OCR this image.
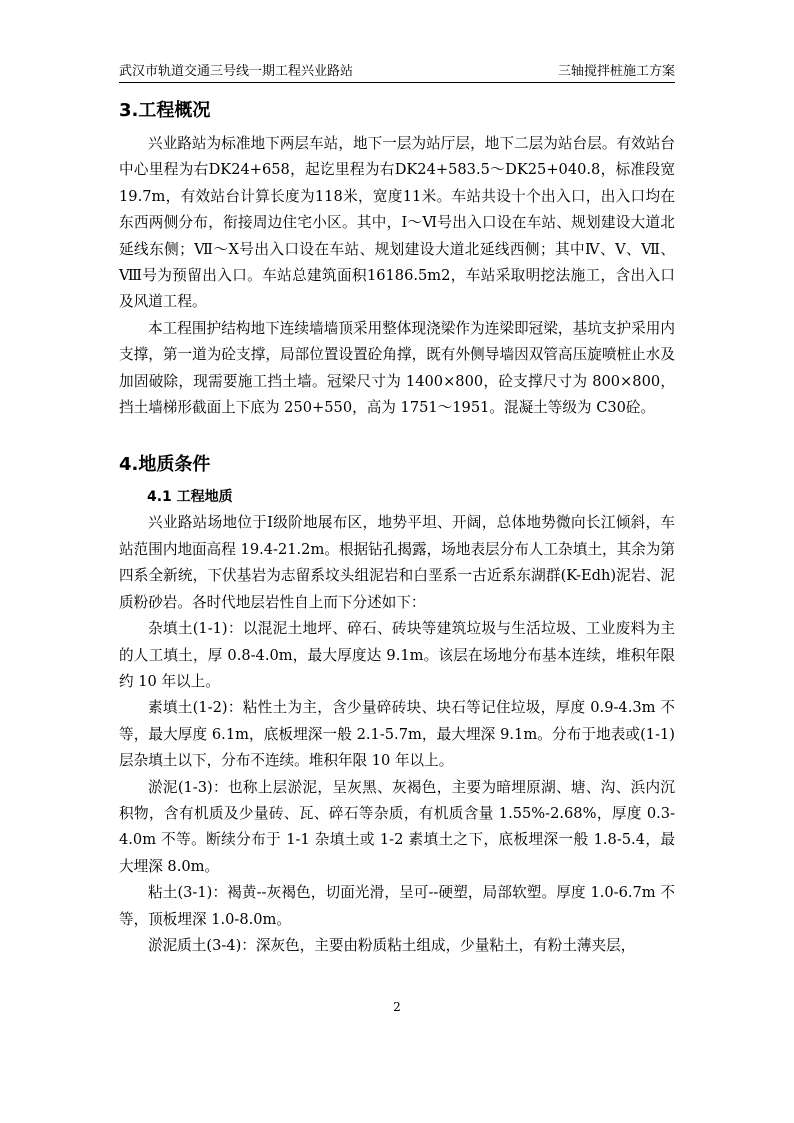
武汉市轨道交通三号线一期工程兴业路站	三轴搅拌桩施工方案
3.工程概况

兴业路站为标准地下两层车站，地下一层为站厅层，地下二层为站台层。有效站台中心里程为右DK24+658，起讫里程为右DK24+583.5～DK25+040.8，标准段宽19.7m，有效站台计算长度为118米，宽度11米。车站共设十个出入口，出入口均在东西两侧分布，衔接周边住宅小区。其中，Ⅰ～Ⅵ号出入口设在车站、规划建设大道北延线东侧；Ⅶ～Ⅹ号出入口设在车站、规划建设大道北延线西侧；其中Ⅳ、Ⅴ、Ⅶ、Ⅷ号为预留出入口。车站总建筑面积16186.5m2，车站采取明挖法施工，含出入口及风道工程。

本工程围护结构地下连续墙墙顶采用整体现浇梁作为连梁即冠梁，基坑支护采用内支撑，第一道为砼支撑，局部位置设置砼角撑，既有外侧导墙因双管高压旋喷桩止水及加固破除，现需要施工挡土墙。冠梁尺寸为 1400×800，砼支撑尺寸为 800×800，挡土墙梯形截面上下底为 250+550，高为 1751～1951。混凝土等级为 C30砼。

4.地质条件
4.1 工程地质

兴业路站场地位于Ⅰ级阶地展布区，地势平坦、开阔，总体地势微向长江倾斜，车站范围内地面高程 19.4-21.2m。根据钻孔揭露，场地表层分布人工杂填土，其余为第四系全新统，下伏基岩为志留系坟头组泥岩和白垩系一古近系东湖群(K-Edh)泥岩、泥质粉砂岩。各时代地层岩性自上而下分述如下：

杂填土(1-1)：以混泥土地坪、碎石、砖块等建筑垃圾与生活垃圾、工业废料为主的人工填土，厚 0.8-4.0m，最大厚度达 9.1m。该层在场地分布基本连续，堆积年限约 10 年以上。

素填土(1-2)：粘性土为主，含少量碎砖块、块石等记住垃圾，厚度 0.9-4.3m 不等，最大厚度 6.1m，底板埋深一般 2.1-5.7m，最大埋深 9.1m。分布于地表或(1-1)层杂填土以下，分布不连续。堆积年限 10 年以上。

淤泥(1-3)：也称上层淤泥，呈灰黑、灰褐色，主要为暗埋原湖、塘、沟、浜内沉积物，含有机质及少量砖、瓦、碎石等杂质，有机质含量 1.55%-2.68%，厚度 0.3-4.0m 不等。断续分布于 1-1 杂填土或 1-2 素填土之下，底板埋深一般 1.8-5.4，最大埋深 8.0m。

粘土(3-1)：褐黄--灰褐色，切面光滑，呈可--硬塑，局部软塑。厚度 1.0-6.7m 不等，顶板埋深 1.0-8.0m。

淤泥质土(3-4)：深灰色，主要由粉质粘土组成，少量粘土，有粉土薄夹层，

2
